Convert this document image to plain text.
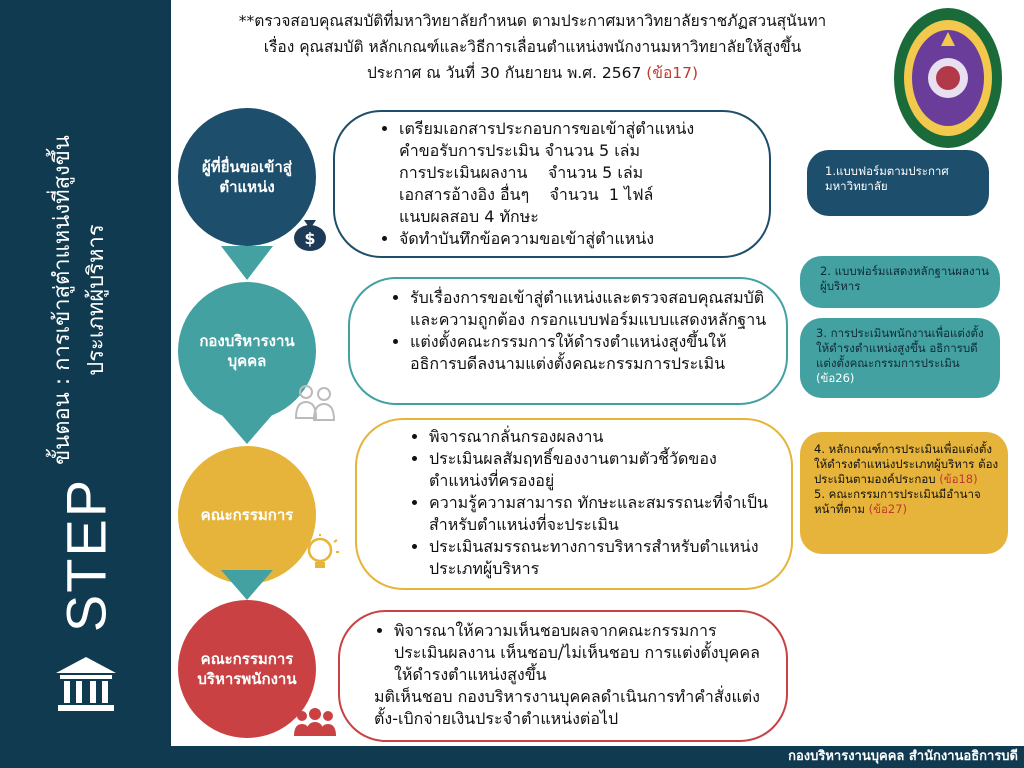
ขั้นตอน : การเข้าสู่ตำแหน่งที่สูงขึ้น ประเภทผู้บริหาร
STEP
**ตรวจสอบคุณสมบัติที่มหาวิทยาลัยกำหนด ตามประกาศมหาวิทยาลัยราชภัฏสวนสุนันทา
เรื่อง คุณสมบัติ หลักเกณฑ์และวิธีการเลื่อนตำแหน่งพนักงานมหาวิทยาลัยให้สูงขึ้น
ประกาศ ณ วันที่ 30 กันยายน พ.ศ. 2567 (ข้อ17)
ผู้ที่ยื่นขอเข้าสู่ตำแหน่ง
กองบริหารงานบุคคล
คณะกรรมการ
คณะกรรมการบริหารพนักงาน
$
• เตรียมเอกสารประกอบการขอเข้าสู่ตำแหน่ง
คำขอรับการประเมิน จำนวน 5 เล่ม
การประเมินผลงาน    จำนวน 5 เล่ม
เอกสารอ้างอิง อื่นๆ    จำนวน  1 ไฟล์
แนบผลสอบ 4 ทักษะ
• จัดทำบันทึกข้อความขอเข้าสู่ตำแหน่ง
• รับเรื่องการขอเข้าสู่ตำแหน่งและตรวจสอบคุณสมบัติและความถูกต้อง กรอกแบบฟอร์มแบบแสดงหลักฐาน
• แต่งตั้งคณะกรรมการให้ดำรงตำแหน่งสูงขึ้นให้อธิการบดีลงนามแต่งตั้งคณะกรรมการประเมิน
• พิจารณากลั่นกรองผลงาน
• ประเมินผลสัมฤทธิ์ของงานตามตัวชี้วัดของตำแหน่งที่ครองอยู่
• ความรู้ความสามารถ ทักษะและสมรรถนะที่จำเป็นสำหรับตำแหน่งที่จะประเมิน
• ประเมินสมรรถนะทางการบริหารสำหรับตำแหน่งประเภทผู้บริหาร
• พิจารณาให้ความเห็นชอบผลจากคณะกรรมการประเมินผลงาน เห็นชอบ/ไม่เห็นชอบ การแต่งตั้งบุคคลให้ดำรงตำแหน่งสูงขึ้น
มติเห็นชอบ กองบริหารงานบุคคลดำเนินการทำคำสั่งแต่งตั้ง-เบิกจ่ายเงินประจำตำแหน่งต่อไป
1.แบบฟอร์มตามประกาศมหาวิทยาลัย
2. แบบฟอร์มแสดงหลักฐานผลงานผู้บริหาร
3. การประเมินพนักงานเพื่อแต่งตั้งให้ดำรงตำแหน่งสูงขึ้น อธิการบดีแต่งตั้งคณะกรรมการประเมิน (ข้อ26)
4. หลักเกณฑ์การประเมินเพื่อแต่งตั้งให้ดำรงตำแหน่งประเภทผู้บริหาร ต้องประเมินตามองค์ประกอบ (ข้อ18)
5. คณะกรรมการประเมินมีอำนาจหน้าที่ตาม (ข้อ27)
กองบริหารงานบุคคล สำนักงานอธิการบดี
